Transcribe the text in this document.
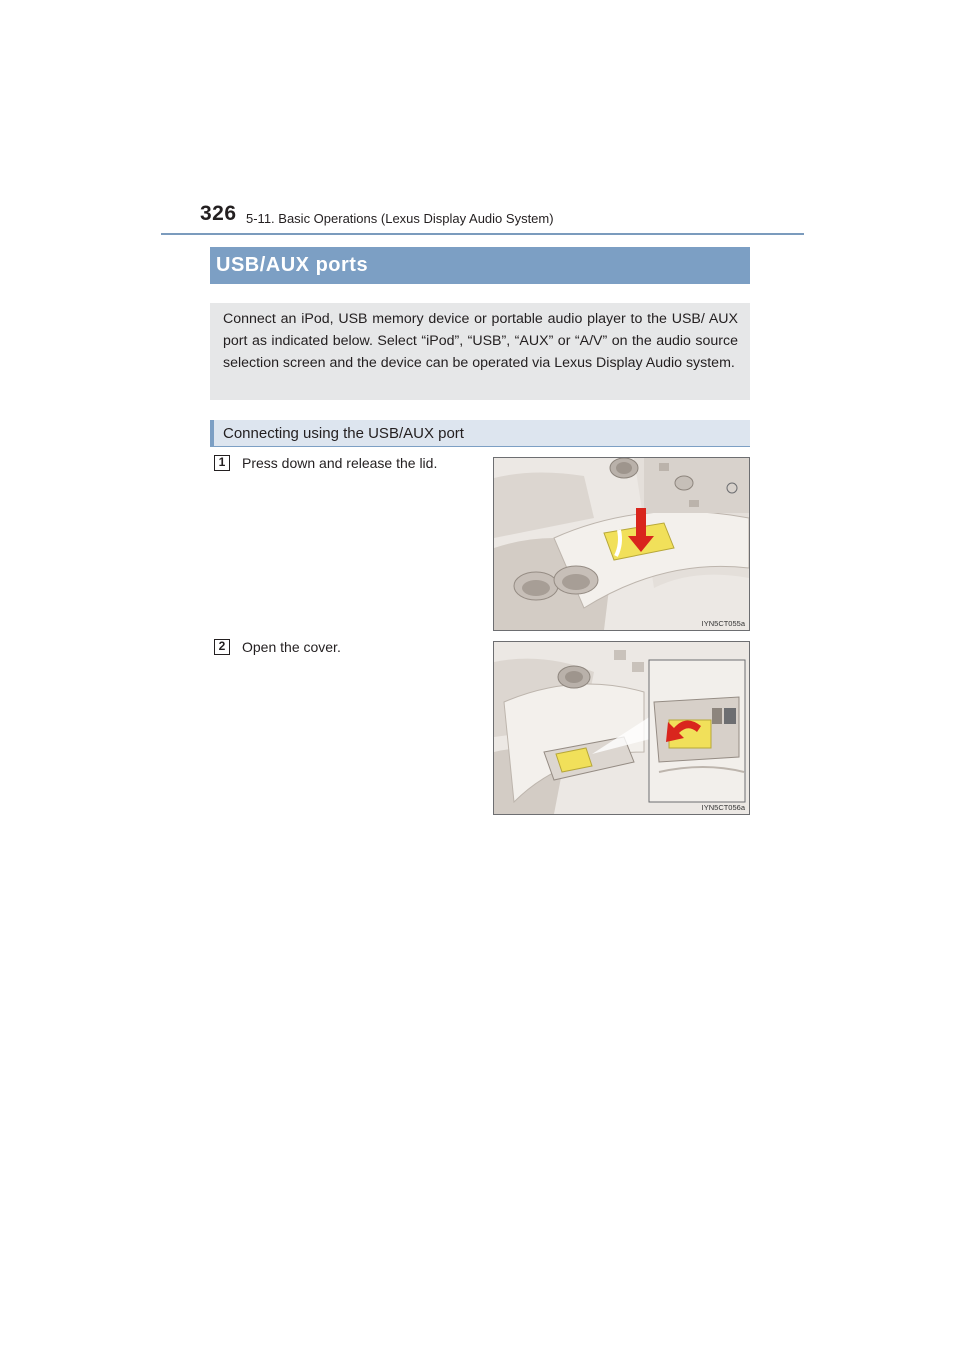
326 5-11. Basic Operations (Lexus Display Audio System)
USB/AUX ports
Connect an iPod, USB memory device or portable audio player to the USB/ AUX port as indicated below. Select “iPod”, “USB”, “AUX” or “A/V” on the audio source selection screen and the device can be operated via Lexus Display Audio system.
Connecting using the USB/AUX port
1	Press down and release the lid.
IYN5CT055a
2	Open the cover.
IYN5CT056a
